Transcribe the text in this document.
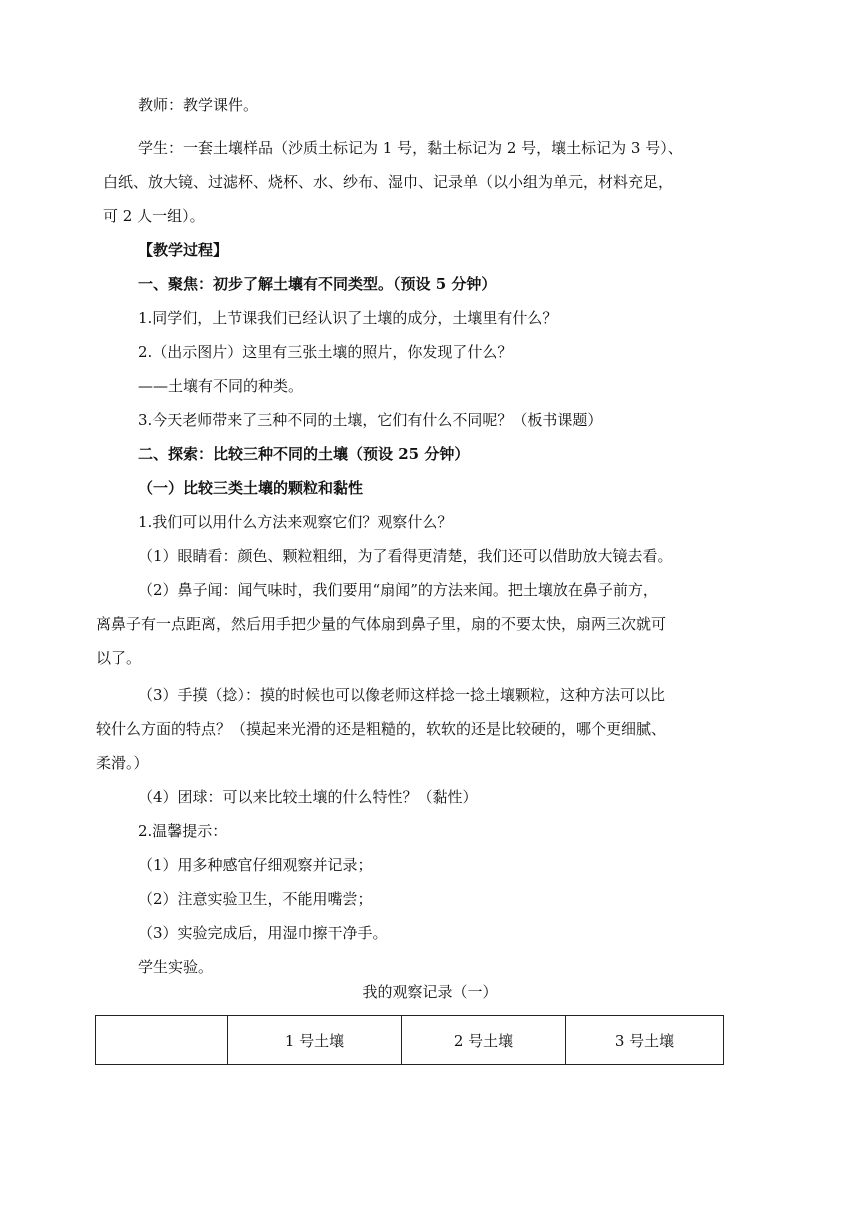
教师：教学课件。
学生：一套土壤样品（沙质土标记为 1 号，黏土标记为 2 号，壤土标记为 3 号）、
白纸、放大镜、过滤杯、烧杯、水、纱布、湿巾、记录单（以小组为单元，材料充足，
可 2 人一组）。
【教学过程】
一、聚焦：初步了解土壤有不同类型。（预设 5 分钟）
1.同学们，上节课我们已经认识了土壤的成分，土壤里有什么？
2.（出示图片）这里有三张土壤的照片，你发现了什么？
——土壤有不同的种类。
3.今天老师带来了三种不同的土壤，它们有什么不同呢？（板书课题）
二、探索：比较三种不同的土壤（预设 25 分钟）
（一）比较三类土壤的颗粒和黏性
1.我们可以用什么方法来观察它们？观察什么？
（1）眼睛看：颜色、颗粒粗细，为了看得更清楚，我们还可以借助放大镜去看。
（2）鼻子闻：闻气味时，我们要用“扇闻”的方法来闻。把土壤放在鼻子前方，
离鼻子有一点距离，然后用手把少量的气体扇到鼻子里，扇的不要太快，扇两三次就可
以了。
（3）手摸（捻）：摸的时候也可以像老师这样捻一捻土壤颗粒，这种方法可以比
较什么方面的特点？（摸起来光滑的还是粗糙的，软软的还是比较硬的，哪个更细腻、
柔滑。）
（4）团球：可以来比较土壤的什么特性？（黏性）
2.温馨提示：
（1）用多种感官仔细观察并记录；
（2）注意实验卫生，不能用嘴尝；
（3）实验完成后，用湿巾擦干净手。
学生实验。
我的观察记录（一）
	1 号土壤	2 号土壤	3 号土壤
